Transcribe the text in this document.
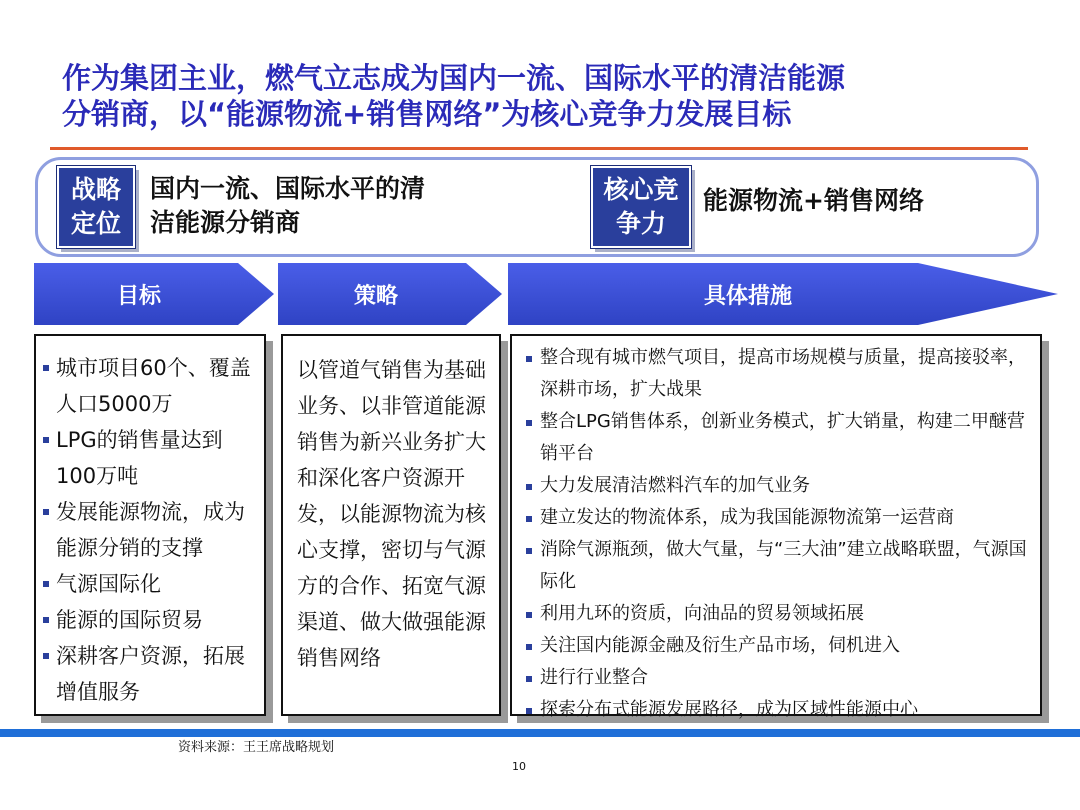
作为集团主业，燃气立志成为国内一流、国际水平的清洁能源
分销商，以“能源物流+销售网络”为核心竞争力发展目标
战略
定位
国内一流、国际水平的清
洁能源分销商
核心竞
争力
能源物流+销售网络
目标	策略	具体措施
城市项目60个、覆盖人口5000万
LPG的销售量达到100万吨
发展能源物流，成为能源分销的支撑
气源国际化
能源的国际贸易
深耕客户资源，拓展增值服务
以管道气销售为基础业务、以非管道能源销售为新兴业务扩大和深化客户资源开发，以能源物流为核心支撑，密切与气源方的合作、拓宽气源渠道、做大做强能源销售网络
整合现有城市燃气项目，提高市场规模与质量，提高接驳率，深耕市场，扩大战果
整合LPG销售体系，创新业务模式，扩大销量，构建二甲醚营销平台
大力发展清洁燃料汽车的加气业务
建立发达的物流体系，成为我国能源物流第一运营商
消除气源瓶颈，做大气量，与“三大油”建立战略联盟，气源国际化
利用九环的资质，向油品的贸易领域拓展
关注国内能源金融及衍生产品市场，伺机进入
进行行业整合
探索分布式能源发展路径，成为区域性能源中心
资料来源：王王席战略规划
10
